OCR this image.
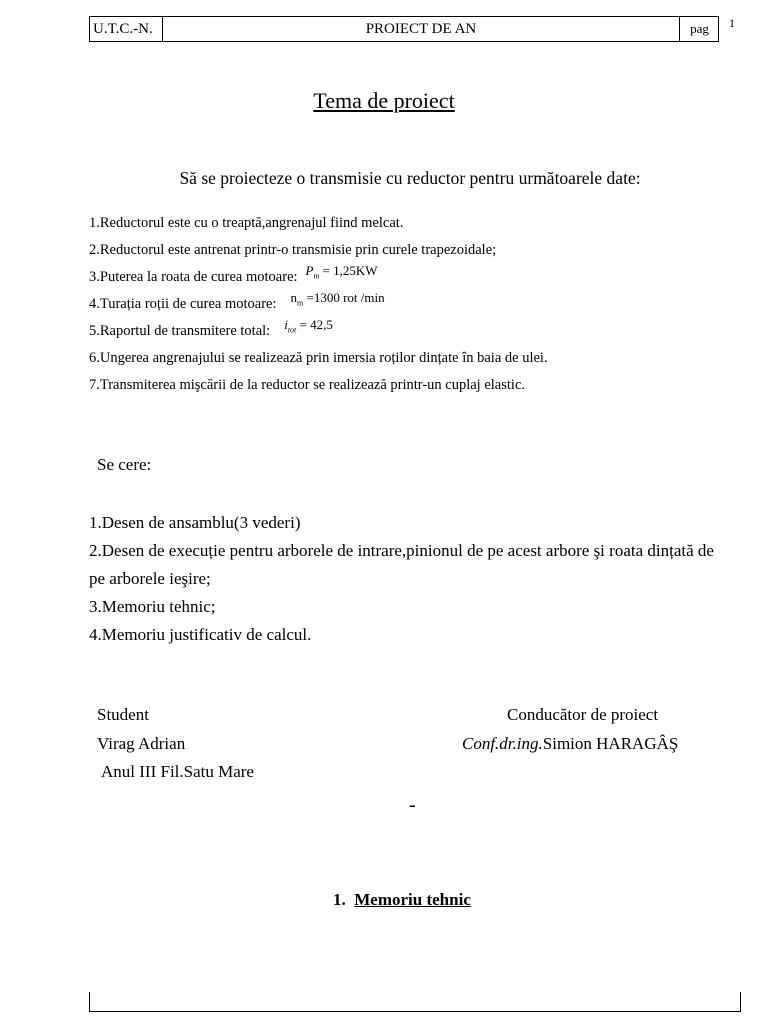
U.T.C.-N.	PROIECT DE AN	pag	1
Tema de proiect
Să se proiecteze o transmisie cu reductor pentru următoarele date:
1.Reductorul este cu o treaptă,angrenajul fiind melcat.
2.Reductorul este antrenat printr-o transmisie prin curele trapezoidale;
3.Puterea la roata de curea motoare: $P_m = 1,25KW$
4.Turația roții de curea motoare: $n_m =1300$ rot /min
5.Raportul de transmitere total: $i_{tot} = 42,5$
6.Ungerea angrenajului se realizează prin imersia roților dințate în baia de ulei.
7.Transmiterea mişcării de la reductor se realizează printr-un cuplaj elastic.
Se cere:
1.Desen de ansamblu(3 vederi)
2.Desen de execuție pentru arborele de intrare,pinionul de pe acest arbore şi roata dințată de pe arborele ieşire;
3.Memoriu tehnic;
4.Memoriu justificativ de calcul.
Student
Virag Adrian
Anul III Fil.Satu Mare
Conducător de proiect
Conf.dr.ing.Simion HARAGÂŞ
-
1. Memoriu tehnic
